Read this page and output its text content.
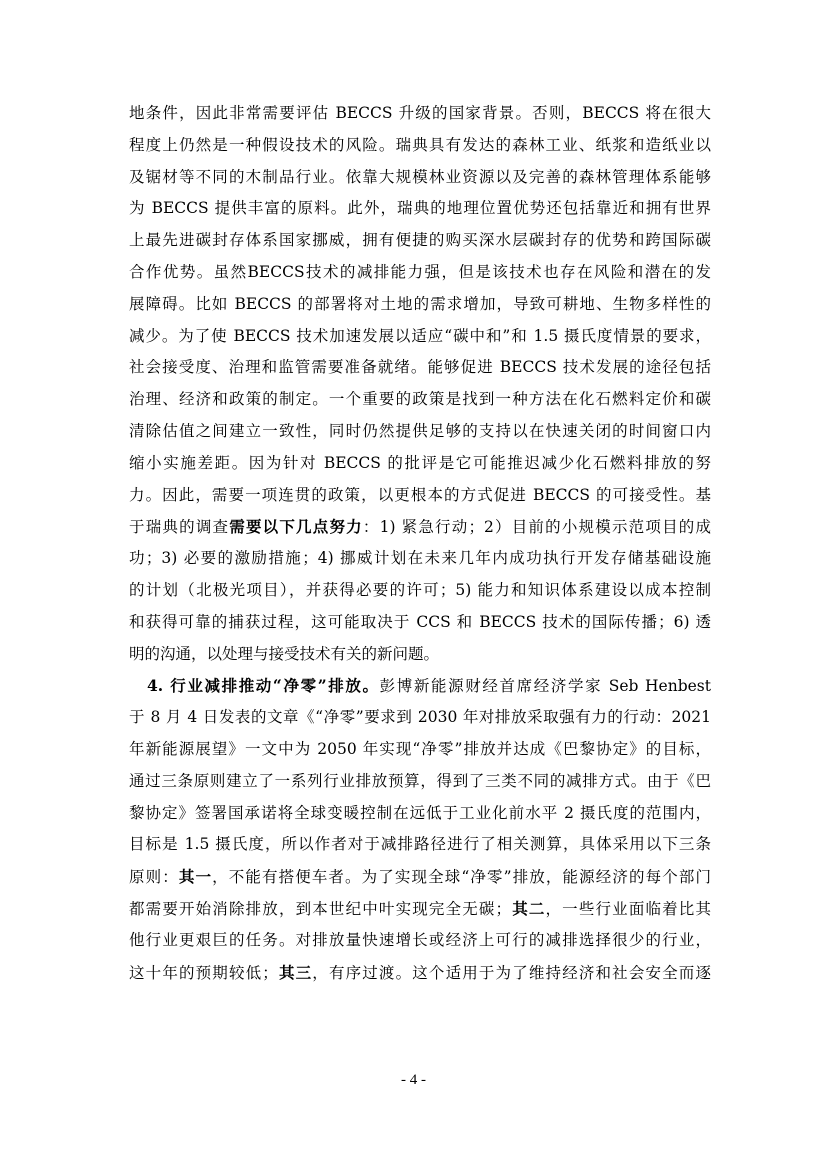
地条件，因此非常需要评估 BECCS 升级的国家背景。否则，BECCS 将在很大
程度上仍然是一种假设技术的风险。瑞典具有发达的森林工业、纸浆和造纸业以
及锯材等不同的木制品行业。依靠大规模林业资源以及完善的森林管理体系能够
为 BECCS 提供丰富的原料。此外，瑞典的地理位置优势还包括靠近和拥有世界
上最先进碳封存体系国家挪威，拥有便捷的购买深水层碳封存的优势和跨国际碳
合作优势。虽然BECCS技术的减排能力强，但是该技术也存在风险和潜在的发
展障碍。比如 BECCS 的部署将对土地的需求增加，导致可耕地、生物多样性的
减少。为了使 BECCS 技术加速发展以适应“碳中和”和 1.5 摄氏度情景的要求，
社会接受度、治理和监管需要准备就绪。能够促进 BECCS 技术发展的途径包括
治理、经济和政策的制定。一个重要的政策是找到一种方法在化石燃料定价和碳
清除估值之间建立一致性，同时仍然提供足够的支持以在快速关闭的时间窗口内
缩小实施差距。因为针对 BECCS 的批评是它可能推迟减少化石燃料排放的努
力。因此，需要一项连贯的政策，以更根本的方式促进 BECCS 的可接受性。基
于瑞典的调查需要以下几点努力：1) 紧急行动；2）目前的小规模示范项目的成
功；3) 必要的激励措施；4) 挪威计划在未来几年内成功执行开发存储基础设施
的计划（北极光项目），并获得必要的许可；5) 能力和知识体系建设以成本控制
和获得可靠的捕获过程，这可能取决于 CCS 和 BECCS 技术的国际传播；6) 透
明的沟通，以处理与接受技术有关的新问题。
4. 行业减排推动“净零”排放。彭博新能源财经首席经济学家 Seb Henbest
于 8 月 4 日发表的文章《“净零”要求到 2030 年对排放采取强有力的行动：2021
年新能源展望》一文中为 2050 年实现“净零”排放并达成《巴黎协定》的目标，
通过三条原则建立了一系列行业排放预算，得到了三类不同的减排方式。由于《巴
黎协定》签署国承诺将全球变暖控制在远低于工业化前水平 2 摄氏度的范围内，
目标是 1.5 摄氏度，所以作者对于减排路径进行了相关测算，具体采用以下三条
原则：其一，不能有搭便车者。为了实现全球“净零”排放，能源经济的每个部门
都需要开始消除排放，到本世纪中叶实现完全无碳；其二，一些行业面临着比其
他行业更艰巨的任务。对排放量快速增长或经济上可行的减排选择很少的行业，
这十年的预期较低；其三，有序过渡。这个适用于为了维持经济和社会安全而逐
- 4 -
